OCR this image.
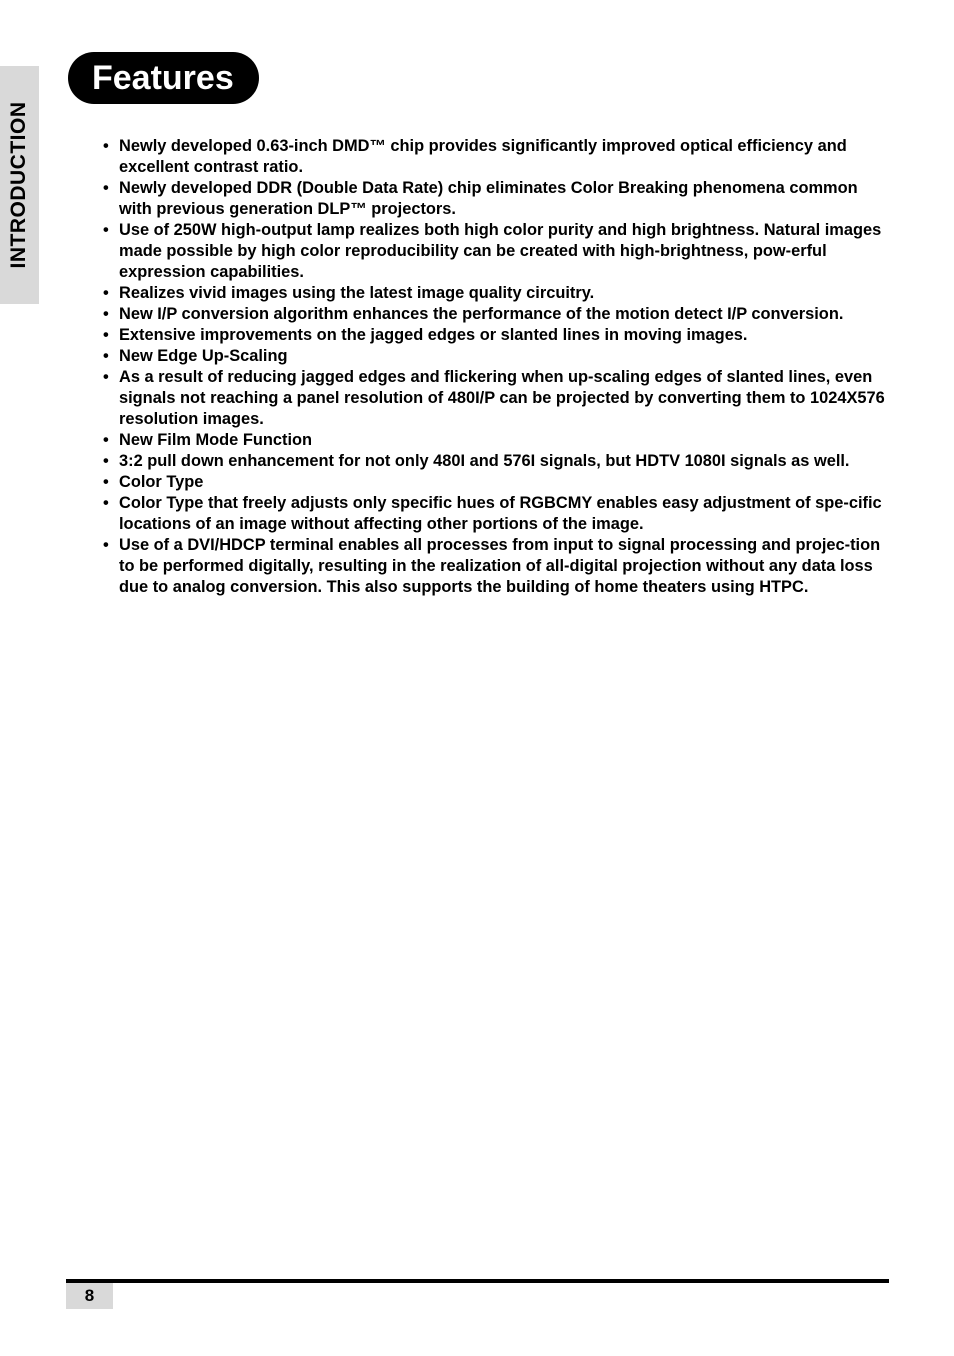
INTRODUCTION
Features
• Newly developed 0.63-inch DMD™ chip provides significantly improved optical efficiency and excellent contrast ratio.
• Newly developed DDR (Double Data Rate) chip eliminates Color Breaking phenomena common with previous generation DLP™ projectors.
• Use of 250W high-output lamp realizes both high color purity and high brightness. Natural images made possible by high color reproducibility can be created with high-brightness, pow-erful expression capabilities.
• Realizes vivid images using the latest image quality circuitry.
• New I/P conversion algorithm enhances the performance of the motion detect I/P conversion.
• Extensive improvements on the jagged edges or slanted lines in moving images.
• New Edge Up-Scaling
• As a result of reducing jagged edges and flickering when up-scaling edges of slanted lines, even signals not reaching a panel resolution of 480I/P can be projected by converting them to 1024X576 resolution images.
• New Film Mode Function
• 3:2 pull down enhancement for not only 480I and 576I signals, but HDTV 1080I signals as well.
• Color Type
• Color Type that freely adjusts only specific hues of RGBCMY enables easy adjustment of spe-cific locations of an image without affecting other portions of the image.
• Use of a DVI/HDCP terminal enables all processes from input to signal processing and projec-tion to be performed digitally, resulting in the realization of all-digital projection without any data loss due to analog conversion. This also supports the building of home theaters using HTPC.
8
